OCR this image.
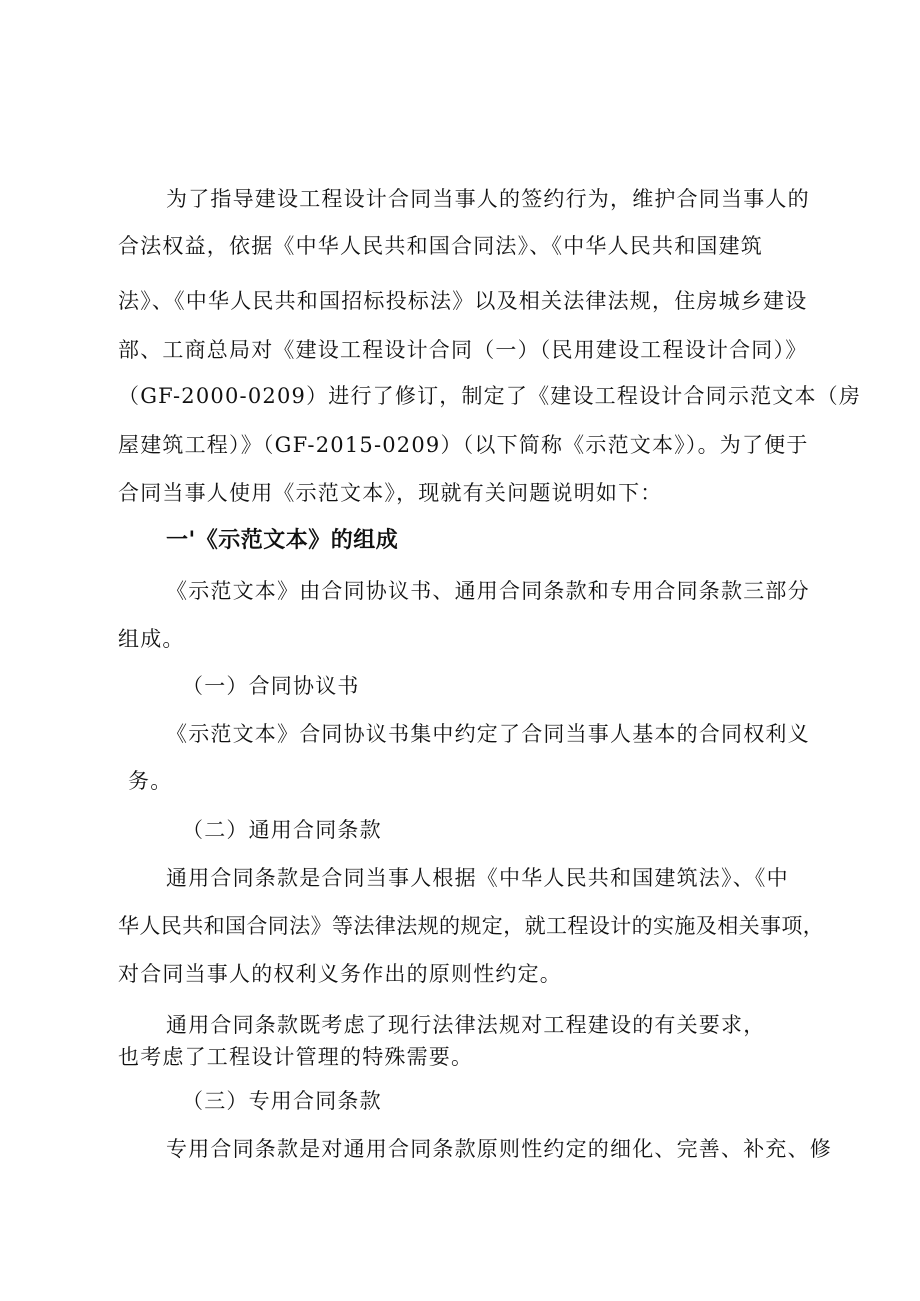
为了指导建设工程设计合同当事人的签约行为，维护合同当事人的
合法权益，依据《中华人民共和国合同法》、《中华人民共和国建筑
法》、《中华人民共和国招标投标法》以及相关法律法规，住房城乡建设
部、工商总局对《建设工程设计合同（一）（民用建设工程设计合同）》
（GF-2000-0209）进行了修订，制定了《建设工程设计合同示范文本（房
屋建筑工程）》（GF-2015-0209）（以下简称《示范文本》）。为了便于
合同当事人使用《示范文本》，现就有关问题说明如下：
一'《示范文本》的组成
《示范文本》由合同协议书、通用合同条款和专用合同条款三部分
组成。
（一）合同协议书
《示范文本》合同协议书集中约定了合同当事人基本的合同权利义
务。
（二）通用合同条款
通用合同条款是合同当事人根据《中华人民共和国建筑法》、《中
华人民共和国合同法》等法律法规的规定，就工程设计的实施及相关事项，
对合同当事人的权利义务作出的原则性约定。
通用合同条款既考虑了现行法律法规对工程建设的有关要求，
也考虑了工程设计管理的特殊需要。
（三）专用合同条款
专用合同条款是对通用合同条款原则性约定的细化、完善、补充、修
